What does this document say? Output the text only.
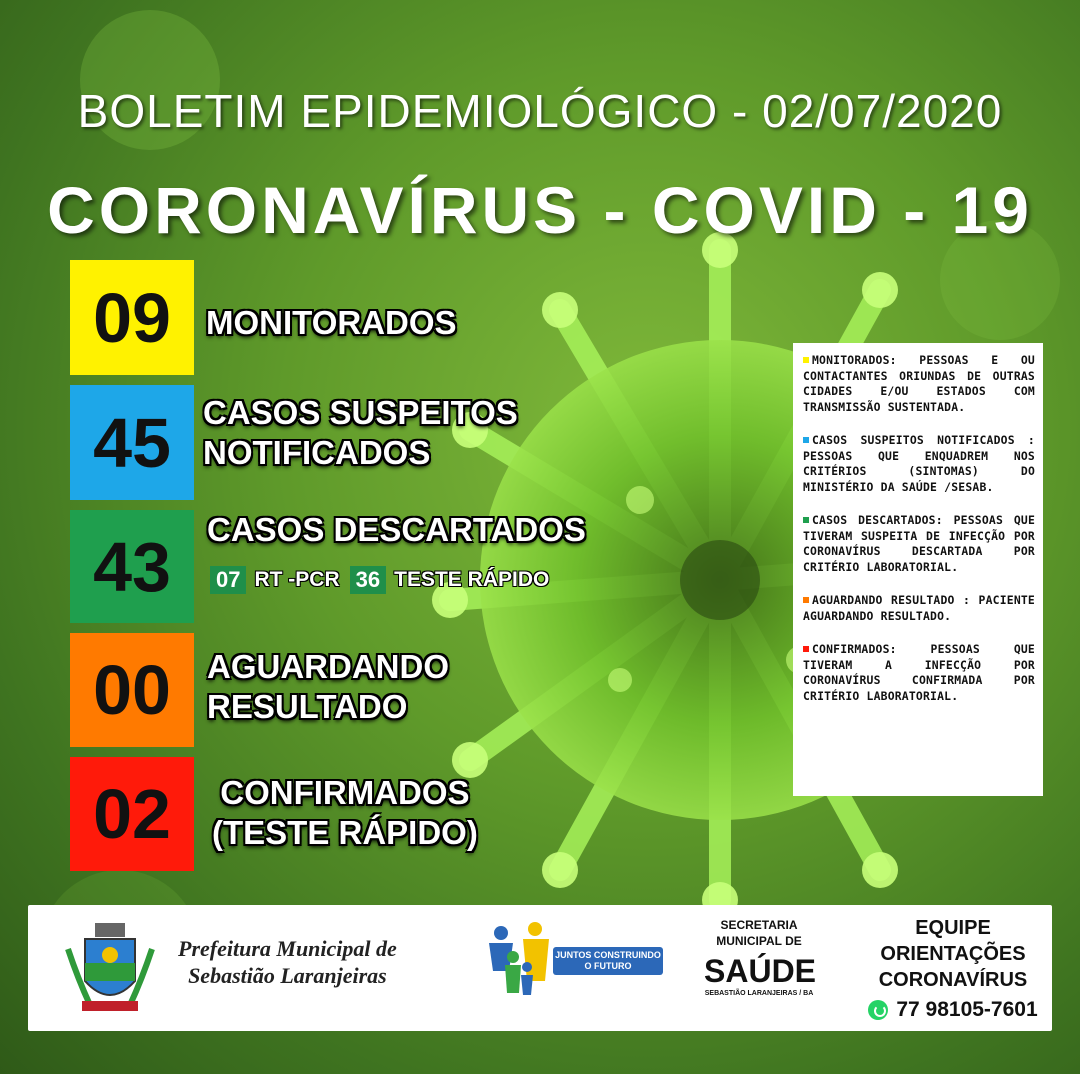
BOLETIM EPIDEMIOLÓGICO - 02/07/2020
CORONAVÍRUS - COVID - 19
09 MONITORADOS
45 CASOS SUSPEITOS
NOTIFICADOS
43 CASOS DESCARTADOS
07 RT -PCR 36 TESTE RÁPIDO
00 AGUARDANDO
RESULTADO
02 CONFIRMADOS
(TESTE RÁPIDO)
MONITORADOS: PESSOAS E OU CONTACTANTES ORIUNDAS DE OUTRAS CIDADES E/OU ESTADOS COM TRANSMISSÃO SUSTENTADA.
CASOS SUSPEITOS NOTIFICADOS : PESSOAS QUE ENQUADREM NOS CRITÉRIOS (SINTOMAS) DO MINISTÉRIO DA SAÚDE /SESAB.
CASOS DESCARTADOS: PESSOAS QUE TIVERAM SUSPEITA DE INFECÇÃO POR CORONAVÍRUS DESCARTADA POR CRITÉRIO LABORATORIAL.
AGUARDANDO RESULTADO : PACIENTE AGUARDANDO RESULTADO.
CONFIRMADOS: PESSOAS QUE TIVERAM A INFECÇÃO POR CORONAVÍRUS CONFIRMADA POR CRITÉRIO LABORATORIAL.
Prefeitura Municipal de
Sebastião Laranjeiras
JUNTOS CONSTRUINDO
O FUTURO
SECRETARIA
MUNICIPAL DE
SAÚDE
SEBASTIÃO LARANJEIRAS / BA
EQUIPE
ORIENTAÇÕES
CORONAVÍRUS
77 98105-7601
